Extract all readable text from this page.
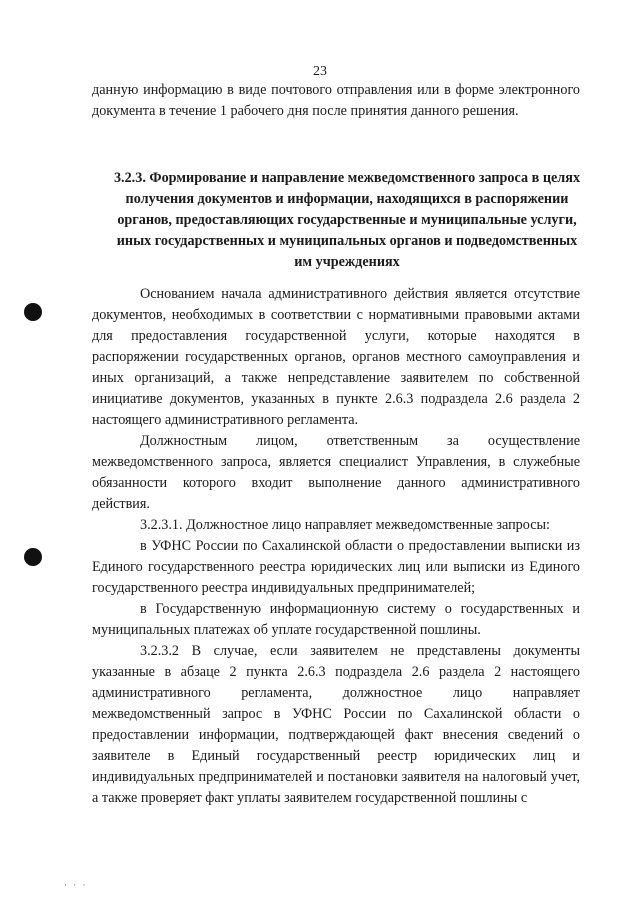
23

данную информацию в виде почтового отправления или в форме электронного документа в течение 1 рабочего дня после принятия данного решения.

3.2.3. Формирование и направление межведомственного запроса в целях получения документов и информации, находящихся в распоряжении органов, предоставляющих государственные и муниципальные услуги, иных государственных и муниципальных органов и подведомственных им учреждениях

Основанием начала административного действия является отсутствие документов, необходимых в соответствии с нормативными правовыми актами для предоставления государственной услуги, которые находятся в распоряжении государственных органов, органов местного самоуправления и иных организаций, а также непредставление заявителем по собственной инициативе документов, указанных в пункте 2.6.3 подраздела 2.6 раздела 2 настоящего административного регламента.

Должностным лицом, ответственным за осуществление межведомственного запроса, является специалист Управления, в служебные обязанности которого входит выполнение данного административного действия.

3.2.3.1. Должностное лицо направляет межведомственные запросы:

в УФНС России по Сахалинской области о предоставлении выписки из Единого государственного реестра юридических лиц или выписки из Единого государственного реестра индивидуальных предпринимателей;

в Государственную информационную систему о государственных и муниципальных платежах об уплате государственной пошлины.

3.2.3.2 В случае, если заявителем не представлены документы указанные в абзаце 2 пункта 2.6.3 подраздела 2.6 раздела 2 настоящего административного регламента, должностное лицо направляет межведомственный запрос в УФНС России по Сахалинской области о предоставлении информации, подтверждающей факт внесения сведений о заявителе в Единый государственный реестр юридических лиц и индивидуальных предпринимателей и постановки заявителя на налоговый учет, а также проверяет факт уплаты заявителем государственной пошлины с

· · ·
